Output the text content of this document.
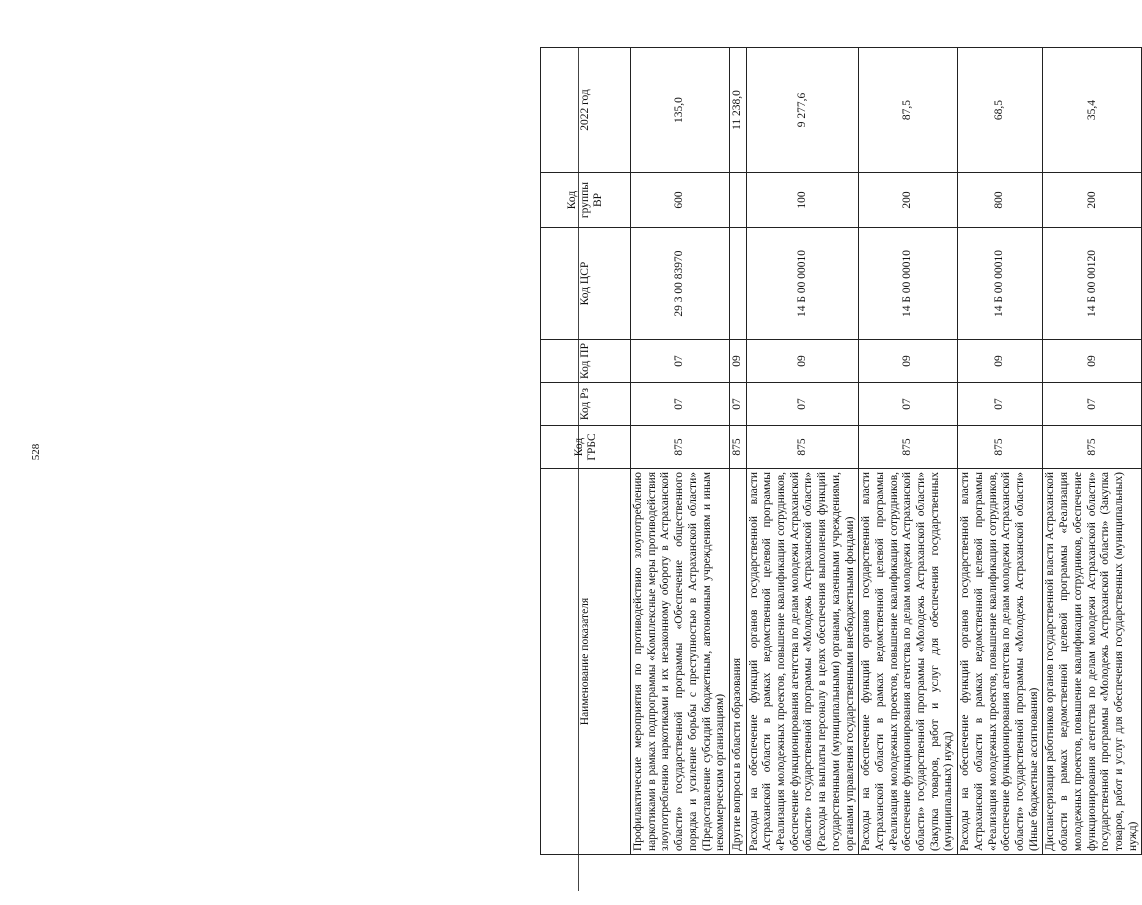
528
Наименование показателя	Код ГРБС	Код Рз	Код ПР	Код ЦСР	Код группы ВР	2022 год
Профилактические мероприятия по противодействию злоупотреблению наркотиками в рамках подпрограммы «Комплексные меры противодействия злоупотреблению наркотиками и их незаконному обороту в Астраханской области» государственной программы «Обеспечение общественного порядка и усиление борьбы с преступностью в Астраханской области» (Предоставление субсидий бюджетным, автономным учреждениям и иным некоммерческим организациям)	875	07	07	29 3 00 83970	600	135,0
Другие вопросы в области образования	875	07	09			11 238,0
Расходы на обеспечение функций органов государственной власти Астраханской области в рамках ведомственной целевой программы «Реализация молодежных проектов, повышение квалификации сотрудников, обеспечение функционирования агентства по делам молодежи Астраханской области» государственной программы «Молодежь Астраханской области» (Расходы на выплаты персоналу в целях обеспечения выполнения функций государственными (муниципальными) органами, казенными учреждениями, органами управления государственными внебюджетными фондами)	875	07	09	14 Б 00 00010	100	9 277,6
Расходы на обеспечение функций органов государственной власти Астраханской области в рамках ведомственной целевой программы «Реализация молодежных проектов, повышение квалификации сотрудников, обеспечение функционирования агентства по делам молодежи Астраханской области» государственной программы «Молодежь Астраханской области» (Закупка товаров, работ и услуг для обеспечения государственных (муниципальных) нужд)	875	07	09	14 Б 00 00010	200	87,5
Расходы на обеспечение функций органов государственной власти Астраханской области в рамках ведомственной целевой программы «Реализация молодежных проектов, повышение квалификации сотрудников, обеспечение функционирования агентства по делам молодежи Астраханской области» государственной программы «Молодежь Астраханской области» (Иные бюджетные ассигнования)	875	07	09	14 Б 00 00010	800	68,5
Диспансеризация работников органов государственной власти Астраханской области в рамках ведомственной целевой программы «Реализация молодежных проектов, повышение квалификации сотрудников, обеспечение функционирования агентства по делам молодежи Астраханской области» государственной программы «Молодежь Астраханской области» (Закупка товаров, работ и услуг для обеспечения государственных (муниципальных) нужд)	875	07	09	14 Б 00 00120	200	35,4
